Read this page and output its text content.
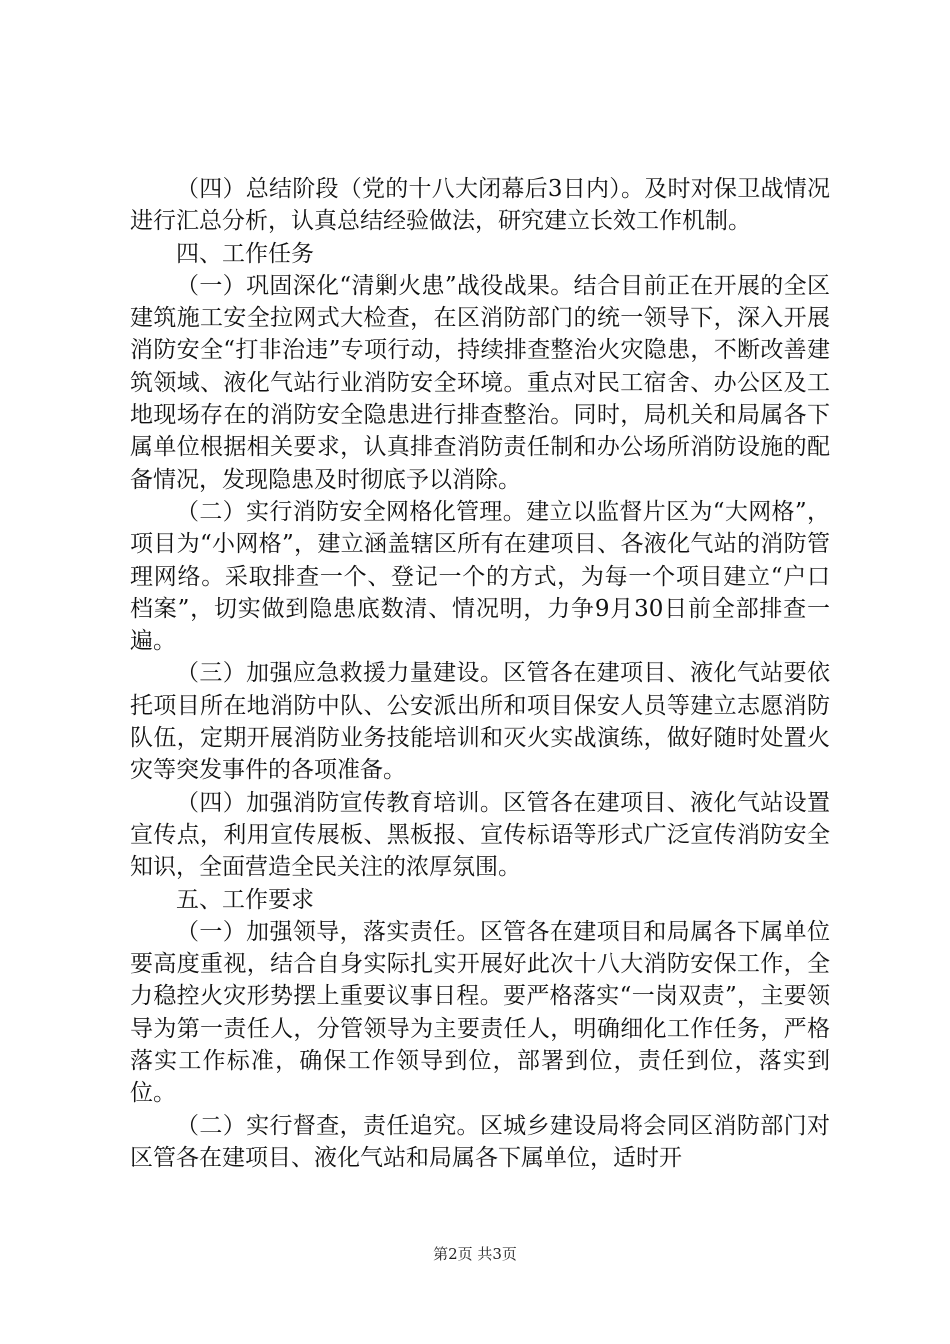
（四）总结阶段（党的十八大闭幕后3日内）。及时对保卫战情况进行汇总分析，认真总结经验做法，研究建立长效工作机制。

四、工作任务

（一）巩固深化“清剿火患”战役战果。结合目前正在开展的全区建筑施工安全拉网式大检查，在区消防部门的统一领导下，深入开展消防安全“打非治违”专项行动，持续排查整治火灾隐患，不断改善建筑领域、液化气站行业消防安全环境。重点对民工宿舍、办公区及工地现场存在的消防安全隐患进行排查整治。同时，局机关和局属各下属单位根据相关要求，认真排查消防责任制和办公场所消防设施的配备情况，发现隐患及时彻底予以消除。

（二）实行消防安全网格化管理。建立以监督片区为“大网格”，项目为“小网格”，建立涵盖辖区所有在建项目、各液化气站的消防管理网络。采取排查一个、登记一个的方式，为每一个项目建立“户口档案”，切实做到隐患底数清、情况明，力争9月30日前全部排查一遍。

（三）加强应急救援力量建设。区管各在建项目、液化气站要依托项目所在地消防中队、公安派出所和项目保安人员等建立志愿消防队伍，定期开展消防业务技能培训和灭火实战演练，做好随时处置火灾等突发事件的各项准备。

（四）加强消防宣传教育培训。区管各在建项目、液化气站设置宣传点，利用宣传展板、黑板报、宣传标语等形式广泛宣传消防安全知识，全面营造全民关注的浓厚氛围。

五、工作要求

（一）加强领导，落实责任。区管各在建项目和局属各下属单位要高度重视，结合自身实际扎实开展好此次十八大消防安保工作，全力稳控火灾形势摆上重要议事日程。要严格落实“一岗双责”，主要领导为第一责任人，分管领导为主要责任人，明确细化工作任务，严格落实工作标准，确保工作领导到位，部署到位，责任到位，落实到位。

（二）实行督查，责任追究。区城乡建设局将会同区消防部门对区管各在建项目、液化气站和局属各下属单位，适时开

第2页 共3页
